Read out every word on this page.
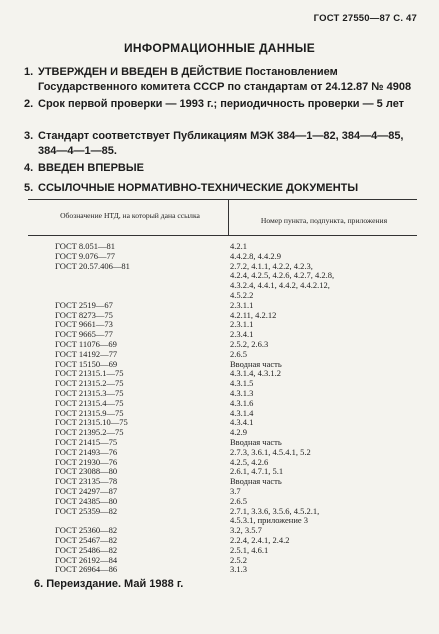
ГОСТ 27550—87 С. 47
ИНФОРМАЦИОННЫЕ ДАННЫЕ
1. УТВЕРЖДЕН И ВВЕДЕН В ДЕЙСТВИЕ Постановлением Государственного комитета СССР по стандартам от 24.12.87 № 4908
2. Срок первой проверки — 1993 г.; периодичность проверки — 5 лет
3. Стандарт соответствует Публикациям МЭК 384—1—82, 384—4—85, 384—4—1—85.
4. ВВЕДЕН ВПЕРВЫЕ
5. ССЫЛОЧНЫЕ НОРМАТИВНО-ТЕХНИЧЕСКИЕ ДОКУМЕНТЫ
Обозначение НТД, на который дана ссылка
Номер пункта, подпункта, приложения
ГОСТ 8.051—81	4.2.1
ГОСТ 9.076—77	4.4.2.8, 4.4.2.9
ГОСТ 20.57.406—81	2.7.2, 4.1.1, 4.2.2, 4.2.3,
4.2.4, 4.2.5, 4.2.6, 4.2.7, 4.2.8,
4.3.2.4, 4.4.1, 4.4.2, 4.4.2.12,
4.5.2.2
ГОСТ 2519—67	2.3.1.1
ГОСТ 8273—75	4.2.11, 4.2.12
ГОСТ 9661—73	2.3.1.1
ГОСТ 9665—77	2.3.4.1
ГОСТ 11076—69	2.5.2, 2.6.3
ГОСТ 14192—77	2.6.5
ГОСТ 15150—69	Вводная часть
ГОСТ 21315.1—75	4.3.1.4, 4.3.1.2
ГОСТ 21315.2—75	4.3.1.5
ГОСТ 21315.3—75	4.3.1.3
ГОСТ 21315.4—75	4.3.1.6
ГОСТ 21315.9—75	4.3.1.4
ГОСТ 21315.10—75	4.3.4.1
ГОСТ 21395.2—75	4.2.9
ГОСТ 21415—75	Вводная часть
ГОСТ 21493—76	2.7.3, 3.6.1, 4.5.4.1, 5.2
ГОСТ 21930—76	4.2.5, 4.2.6
ГОСТ 23088—80	2.6.1, 4.7.1, 5.1
ГОСТ 23135—78	Вводная часть
ГОСТ 24297—87	3.7
ГОСТ 24385—80	2.6.5
ГОСТ 25359—82	2.7.1, 3.3.6, 3.5.6, 4.5.2.1,
4.5.3.1, приложение 3
ГОСТ 25360—82	3.2, 3.5.7
ГОСТ 25467—82	2.2.4, 2.4.1, 2.4.2
ГОСТ 25486—82	2.5.1, 4.6.1
ГОСТ 26192—84	2.5.2
ГОСТ 26964—86	3.1.3
6. Переиздание. Май 1988 г.
